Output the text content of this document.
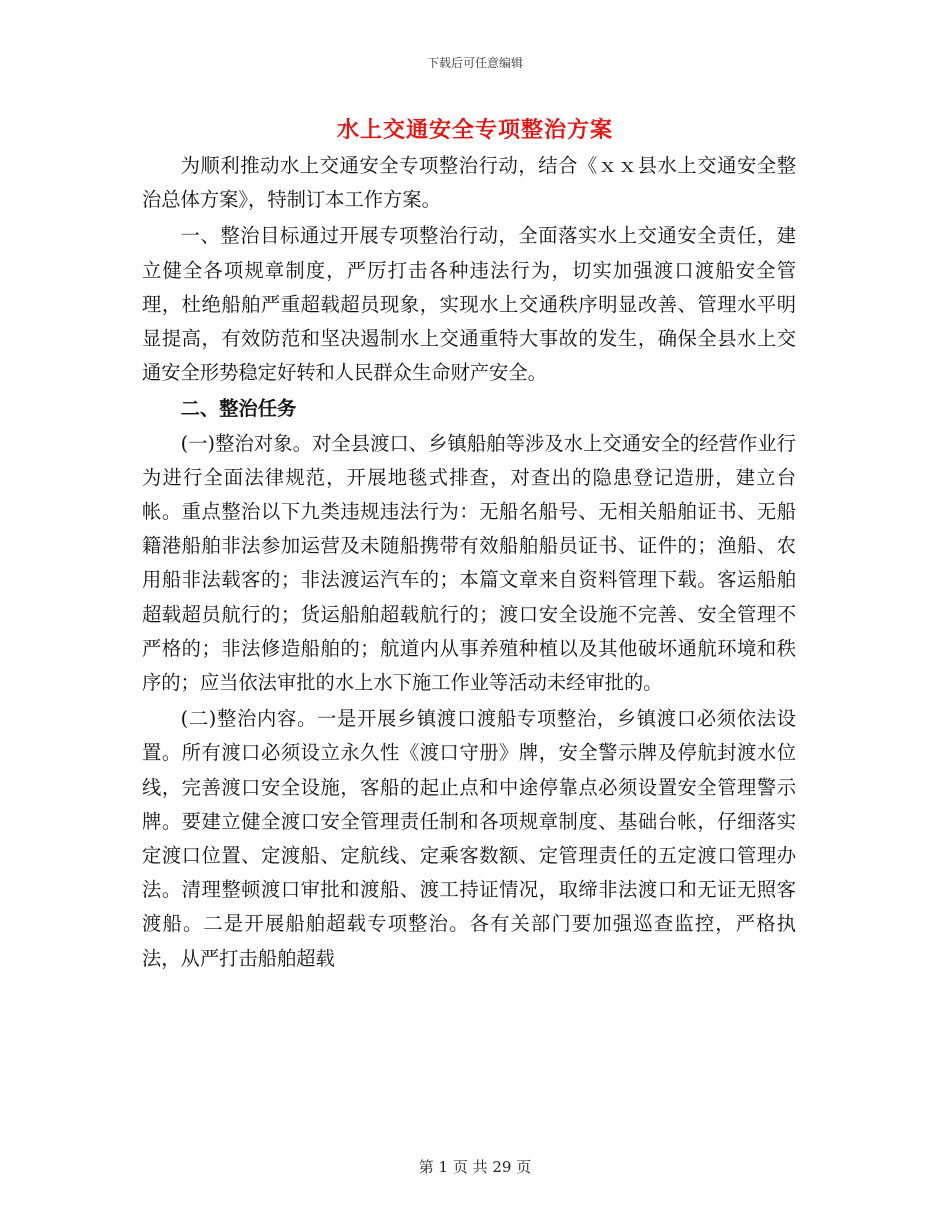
下载后可任意编辑
水上交通安全专项整治方案

为顺利推动水上交通安全专项整治行动，结合《ｘｘ县水上交通安全整治总体方案》，特制订本工作方案。

一、整治目标通过开展专项整治行动，全面落实水上交通安全责任，建立健全各项规章制度，严厉打击各种违法行为，切实加强渡口渡船安全管理，杜绝船舶严重超载超员现象，实现水上交通秩序明显改善、管理水平明显提高，有效防范和坚决遏制水上交通重特大事故的发生，确保全县水上交通安全形势稳定好转和人民群众生命财产安全。

二、整治任务

(一)整治对象。对全县渡口、乡镇船舶等涉及水上交通安全的经营作业行为进行全面法律规范，开展地毯式排查，对查出的隐患登记造册，建立台帐。重点整治以下九类违规违法行为：无船名船号、无相关船舶证书、无船籍港船舶非法参加运营及未随船携带有效船舶船员证书、证件的；渔船、农用船非法载客的；非法渡运汽车的；本篇文章来自资料管理下载。客运船舶超载超员航行的；货运船舶超载航行的；渡口安全设施不完善、安全管理不严格的；非法修造船舶的；航道内从事养殖种植以及其他破坏通航环境和秩序的；应当依法审批的水上水下施工作业等活动未经审批的。

(二)整治内容。一是开展乡镇渡口渡船专项整治，乡镇渡口必须依法设置。所有渡口必须设立永久性《渡口守册》牌，安全警示牌及停航封渡水位线，完善渡口安全设施，客船的起止点和中途停靠点必须设置安全管理警示牌。要建立健全渡口安全管理责任制和各项规章制度、基础台帐，仔细落实定渡口位置、定渡船、定航线、定乘客数额、定管理责任的五定渡口管理办法。清理整顿渡口审批和渡船、渡工持证情况，取缔非法渡口和无证无照客渡船。二是开展船舶超载专项整治。各有关部门要加强巡查监控，严格执法，从严打击船舶超载

第 1 页 共 29 页
